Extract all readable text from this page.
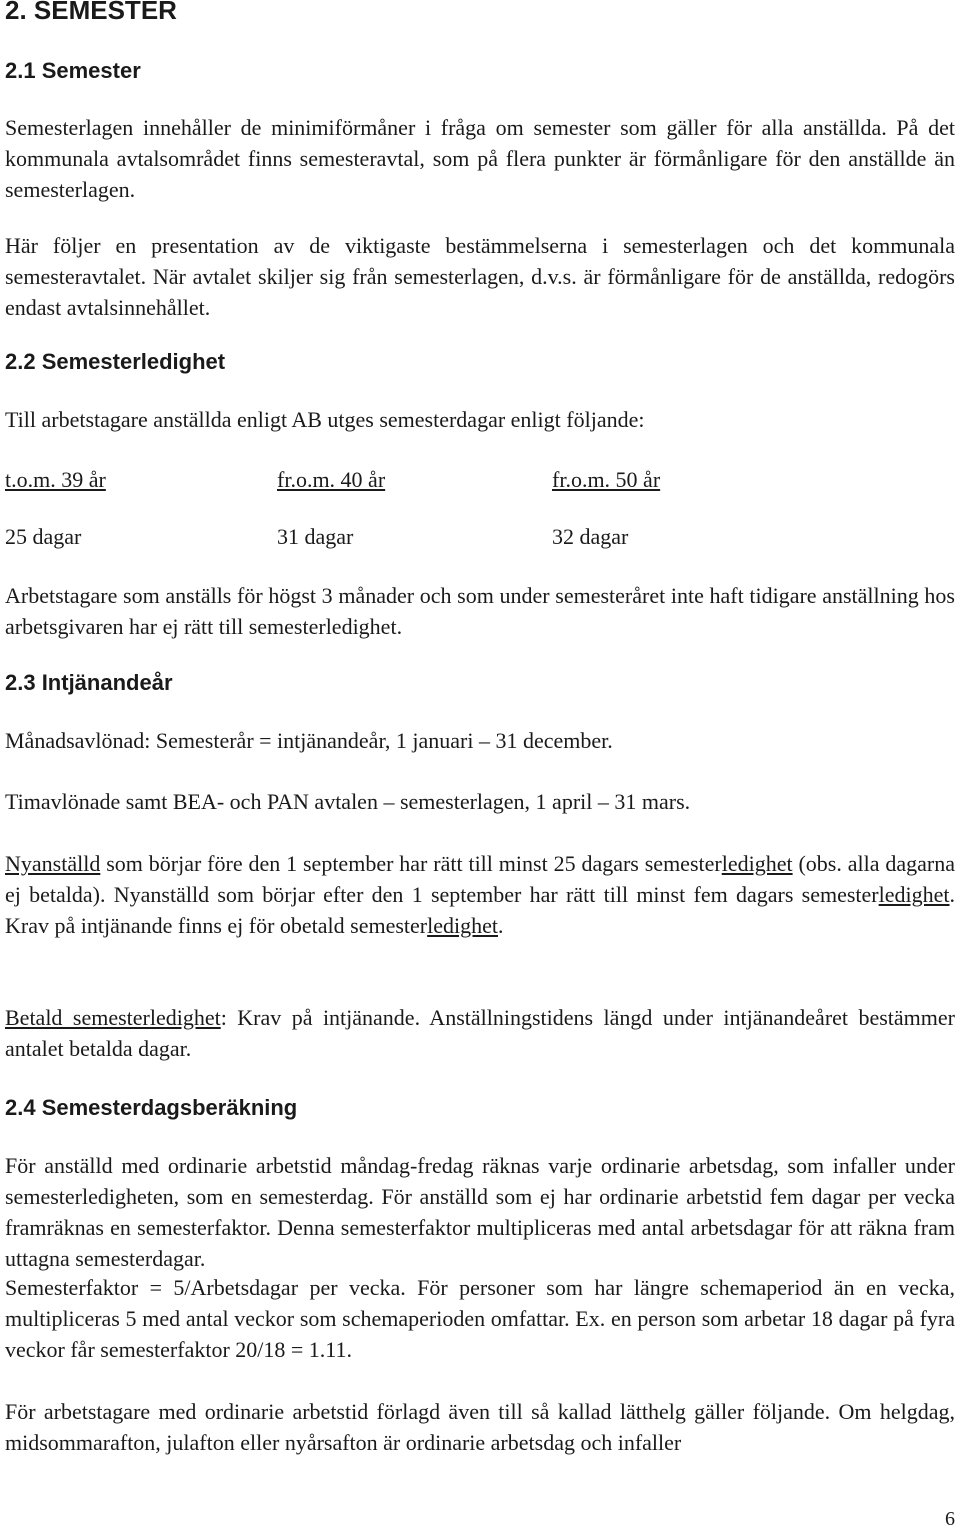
2. SEMESTER
2.1 Semester

Semesterlagen innehåller de minimiförmåner i fråga om semester som gäller för alla anställda. På det kommunala avtalsområdet finns semesteravtal, som på flera punkter är förmånligare för den anställde än semesterlagen.

Här följer en presentation av de viktigaste bestämmelserna i semesterlagen och det kommunala semesteravtalet. När avtalet skiljer sig från semesterlagen, d.v.s. är förmånligare för de anställda, redogörs endast avtalsinnehållet.

2.2 Semesterledighet

Till arbetstagare anställda enligt AB utges semesterdagar enligt följande:

t.o.m. 39 år	fr.o.m. 40 år	fr.o.m. 50 år
25 dagar	31 dagar	32 dagar

Arbetstagare som anställs för högst 3 månader och som under semesteråret inte haft tidigare anställning hos arbetsgivaren har ej rätt till semesterledighet.

2.3 Intjänandeår

Månadsavlönad: Semesterår = intjänandeår, 1 januari – 31 december.

Timavlönade samt BEA- och PAN avtalen – semesterlagen, 1 april – 31 mars.

Nyanställd som börjar före den 1 september har rätt till minst 25 dagars semesterledighet (obs. alla dagarna ej betalda). Nyanställd som börjar efter den 1 september har rätt till minst fem dagars semesterledighet. Krav på intjänande finns ej för obetald semesterledighet.

Betald semesterledighet: Krav på intjänande. Anställningstidens längd under intjänandeåret bestämmer antalet betalda dagar.

2.4 Semesterdagsberäkning

För anställd med ordinarie arbetstid måndag-fredag räknas varje ordinarie arbetsdag, som infaller under semesterledigheten, som en semesterdag. För anställd som ej har ordinarie arbetstid fem dagar per vecka framräknas en semesterfaktor. Denna semesterfaktor multipliceras med antal arbetsdagar för att räkna fram uttagna semesterdagar.

Semesterfaktor = 5/Arbetsdagar per vecka. För personer som har längre schemaperiod än en vecka, multipliceras 5 med antal veckor som schemaperioden omfattar. Ex. en person som arbetar 18 dagar på fyra veckor får semesterfaktor 20/18 = 1.11.

För arbetstagare med ordinarie arbetstid förlagd även till så kallad lätthelg gäller följande. Om helgdag, midsommarafton, julafton eller nyårsafton är ordinarie arbetsdag och infaller

6
